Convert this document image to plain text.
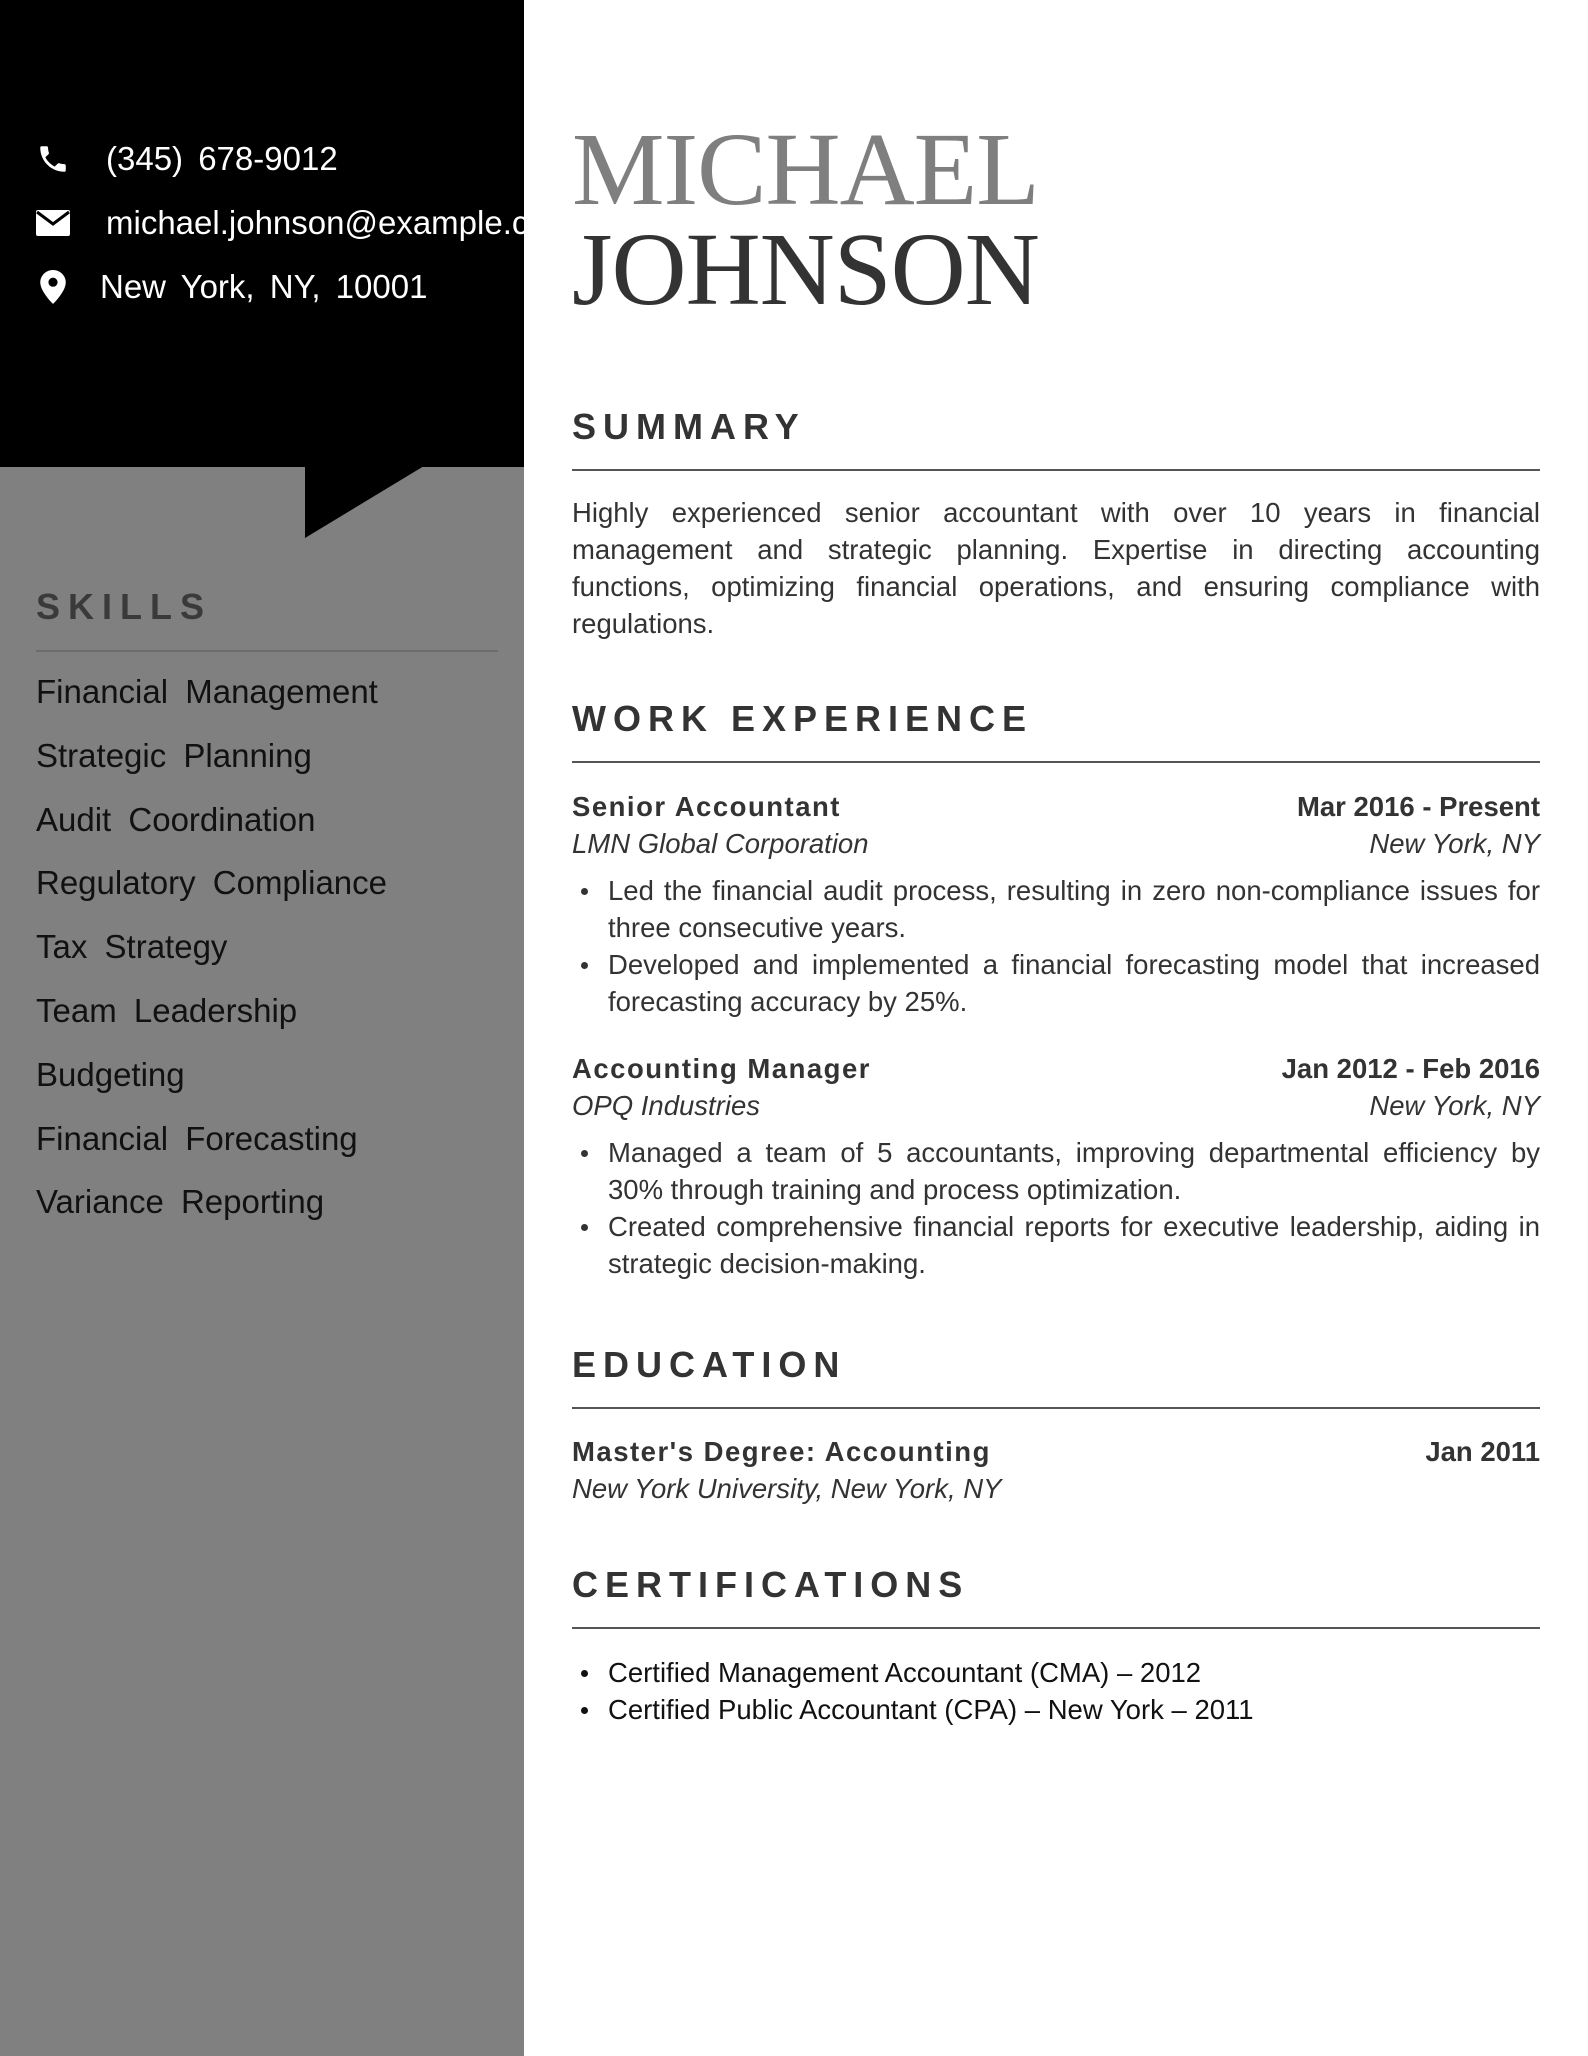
(345) 678-9012
michael.johnson@example.com
New York, NY, 10001
SKILLS
Financial Management
Strategic Planning
Audit Coordination
Regulatory Compliance
Tax Strategy
Team Leadership
Budgeting
Financial Forecasting
Variance Reporting
MICHAEL
JOHNSON
SUMMARY

Highly experienced senior accountant with over 10 years in financial management and strategic planning. Expertise in directing accounting functions, optimizing financial operations, and ensuring compliance with regulations.

WORK EXPERIENCE
Senior Accountant	Mar 2016 - Present
LMN Global Corporation	New York, NY
Led the financial audit process, resulting in zero non-compliance issues for three consecutive years.
Developed and implemented a financial forecasting model that increased forecasting accuracy by 25%.
Accounting Manager	Jan 2012 - Feb 2016
OPQ Industries	New York, NY
Managed a team of 5 accountants, improving departmental efficiency by 30% through training and process optimization.
Created comprehensive financial reports for executive leadership, aiding in strategic decision-making.
EDUCATION
Master's Degree: Accounting	Jan 2011
New York University, New York, NY
CERTIFICATIONS
Certified Management Accountant (CMA) – 2012
Certified Public Accountant (CPA) – New York – 2011
